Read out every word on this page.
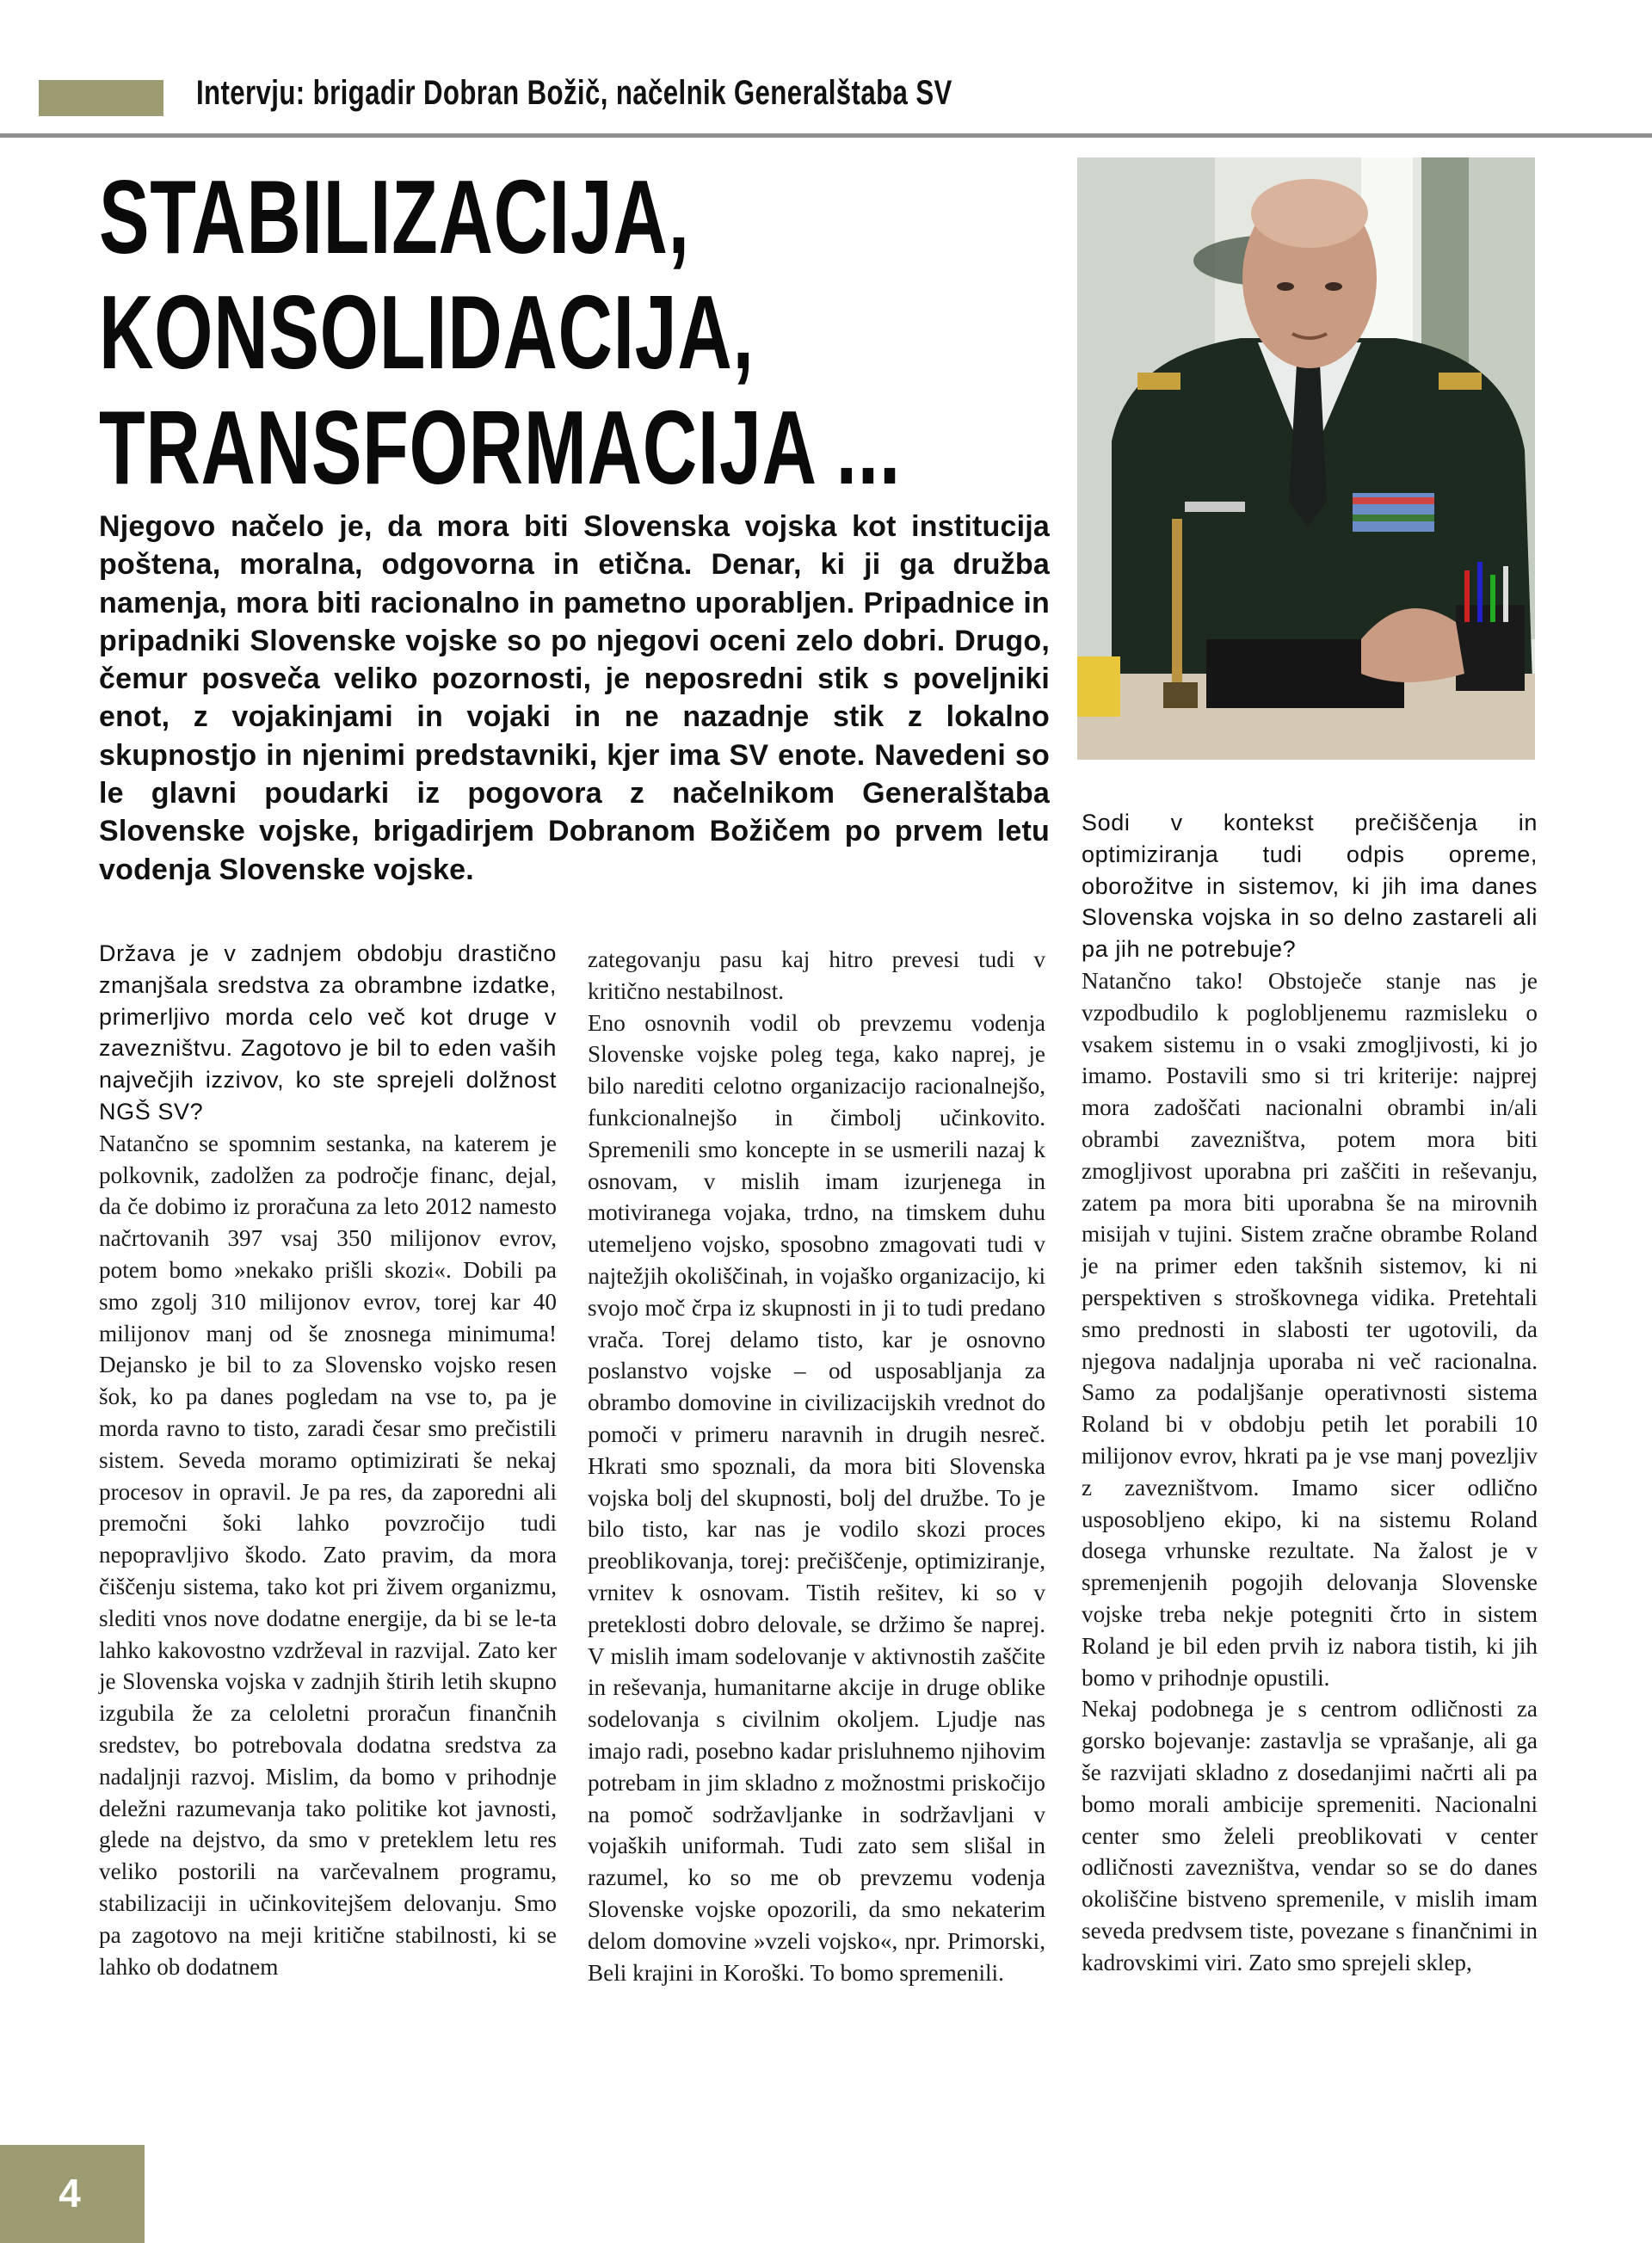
Intervju: brigadir Dobran Božič, načelnik Generalštaba SV
STABILIZACIJA,
KONSOLIDACIJA,
TRANSFORMACIJA ...
Njegovo načelo je, da mora biti Slovenska vojska kot institucija poštena, moralna, odgovorna in etična. Denar, ki ji ga družba namenja, mora biti racionalno in pametno uporabljen. Pripadnice in pripadniki Slovenske vojske so po njegovi oceni zelo dobri. Drugo, čemur posveča veliko pozornosti, je neposredni stik s poveljniki enot, z vojakinjami in vojaki in ne nazadnje stik z lokalno skupnostjo in njenimi predstavniki, kjer ima SV enote. Navedeni so le glavni poudarki iz pogovora z načelnikom Generalštaba Slovenske vojske, brigadirjem Dobranom Božičem po prvem letu vodenja Slovenske vojske.

Država je v zadnjem obdobju drastično zmanjšala sredstva za obrambne izdatke, primerljivo morda celo več kot druge v zavezništvu. Zagotovo je bil to eden vaših največjih izzivov, ko ste sprejeli dolžnost NGŠ SV?

Natančno se spomnim sestanka, na katerem je polkovnik, zadolžen za področje financ, dejal, da če dobimo iz proračuna za leto 2012 namesto načrtovanih 397 vsaj 350 milijonov evrov, potem bomo »nekako prišli skozi«. Dobili pa smo zgolj 310 milijonov evrov, torej kar 40 milijonov manj od še znosnega minimuma! Dejansko je bil to za Slovensko vojsko resen šok, ko pa danes pogledam na vse to, pa je morda ravno to tisto, zaradi česar smo prečistili sistem. Seveda moramo optimizirati še nekaj procesov in opravil. Je pa res, da zaporedni ali premočni šoki lahko povzročijo tudi nepopravljivo škodo. Zato pravim, da mora čiščenju sistema, tako kot pri živem organizmu, slediti vnos nove dodatne energije, da bi se le-ta lahko kakovostno vzdrževal in razvijal. Zato ker je Slovenska vojska v zadnjih štirih letih skupno izgubila že za celoletni proračun finančnih sredstev, bo potrebovala dodatna sredstva za nadaljnji razvoj. Mislim, da bomo v prihodnje deležni razumevanja tako politike kot javnosti, glede na dejstvo, da smo v preteklem letu res veliko postorili na varčevalnem programu, stabilizaciji in učinkovitejšem delovanju. Smo pa zagotovo na meji kritične stabilnosti, ki se lahko ob dodatnem

zategovanju pasu kaj hitro prevesi tudi v kritično nestabilnost.

Eno osnovnih vodil ob prevzemu vodenja Slovenske vojske poleg tega, kako naprej, je bilo narediti celotno organizacijo racionalnejšo, funkcionalnejšo in čimbolj učinkovito. Spremenili smo koncepte in se usmerili nazaj k osnovam, v mislih imam izurjenega in motiviranega vojaka, trdno, na timskem duhu utemeljeno vojsko, sposobno zmagovati tudi v najtežjih okoliščinah, in vojaško organizacijo, ki svojo moč črpa iz skupnosti in ji to tudi predano vrača. Torej delamo tisto, kar je osnovno poslanstvo vojske – od usposabljanja za obrambo domovine in civilizacijskih vrednot do pomoči v primeru naravnih in drugih nesreč. Hkrati smo spoznali, da mora biti Slovenska vojska bolj del skupnosti, bolj del družbe. To je bilo tisto, kar nas je vodilo skozi proces preoblikovanja, torej: prečiščenje, optimiziranje, vrnitev k osnovam. Tistih rešitev, ki so v preteklosti dobro delovale, se držimo še naprej. V mislih imam sodelovanje v aktivnostih zaščite in reševanja, humanitarne akcije in druge oblike sodelovanja s civilnim okoljem. Ljudje nas imajo radi, posebno kadar prisluhnemo njihovim potrebam in jim skladno z možnostmi priskočijo na pomoč sodržavljanke in sodržavljani v vojaških uniformah. Tudi zato sem slišal in razumel, ko so me ob prevzemu vodenja Slovenske vojske opozorili, da smo nekaterim delom domovine »vzeli vojsko«, npr. Primorski, Beli krajini in Koroški. To bomo spremenili.

Sodi v kontekst prečiščenja in optimiziranja tudi odpis opreme, oborožitve in sistemov, ki jih ima danes Slovenska vojska in so delno zastareli ali pa jih ne potrebuje?

Natančno tako! Obstoječe stanje nas je vzpodbudilo k poglobljenemu razmisleku o vsakem sistemu in o vsaki zmogljivosti, ki jo imamo. Postavili smo si tri kriterije: najprej mora zadoščati nacionalni obrambi in/ali obrambi zavezništva, potem mora biti zmogljivost uporabna pri zaščiti in reševanju, zatem pa mora biti uporabna še na mirovnih misijah v tujini. Sistem zračne obrambe Roland je na primer eden takšnih sistemov, ki ni perspektiven s stroškovnega vidika. Pretehtali smo prednosti in slabosti ter ugotovili, da njegova nadaljnja uporaba ni več racionalna. Samo za podaljšanje operativnosti sistema Roland bi v obdobju petih let porabili 10 milijonov evrov, hkrati pa je vse manj povezljiv z zavezništvom. Imamo sicer odlično usposobljeno ekipo, ki na sistemu Roland dosega vrhunske rezultate. Na žalost je v spremenjenih pogojih delovanja Slovenske vojske treba nekje potegniti črto in sistem Roland je bil eden prvih iz nabora tistih, ki jih bomo v prihodnje opustili.

Nekaj podobnega je s centrom odličnosti za gorsko bojevanje: zastavlja se vprašanje, ali ga še razvijati skladno z dosedanjimi načrti ali pa bomo morali ambicije spremeniti. Nacionalni center smo želeli preoblikovati v center odličnosti zavezništva, vendar so se do danes okoliščine bistveno spremenile, v mislih imam seveda predvsem tiste, povezane s finančnimi in kadrovskimi viri. Zato smo sprejeli sklep,

4
